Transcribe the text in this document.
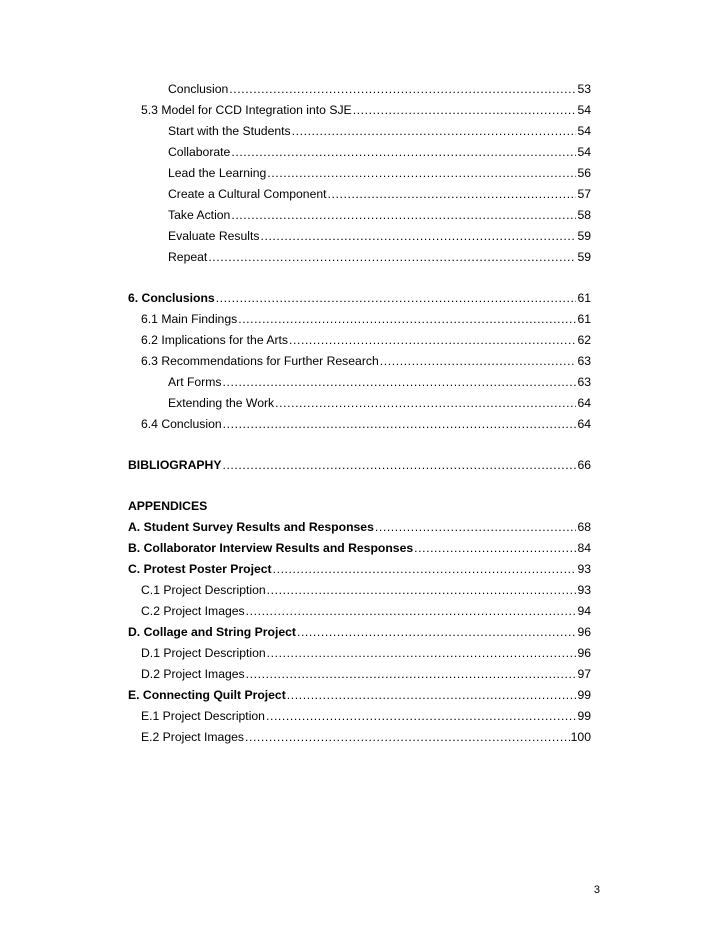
Conclusion .....	53
5.3 Model for CCD Integration into SJE .....	54
Start with the Students .....	54
Collaborate .....	54
Lead the Learning .....	56
Create a Cultural Component .....	57
Take Action .....	58
Evaluate Results .....	59
Repeat .....	59
6. Conclusions .....	61
6.1 Main Findings .....	61
6.2 Implications for the Arts .....	62
6.3 Recommendations for Further Research .....	63
Art Forms .....	63
Extending the Work .....	64
6.4 Conclusion .....	64
BIBLIOGRAPHY .....	66
APPENDICES
A. Student Survey Results and Responses .....	68
B. Collaborator Interview Results and Responses .....	84
C. Protest Poster Project .....	93
C.1 Project Description .....	93
C.2 Project Images .....	94
D. Collage and String Project .....	96
D.1 Project Description .....	96
D.2 Project Images .....	97
E. Connecting Quilt Project .....	99
E.1 Project Description .....	99
E.2 Project Images .....	100
3
